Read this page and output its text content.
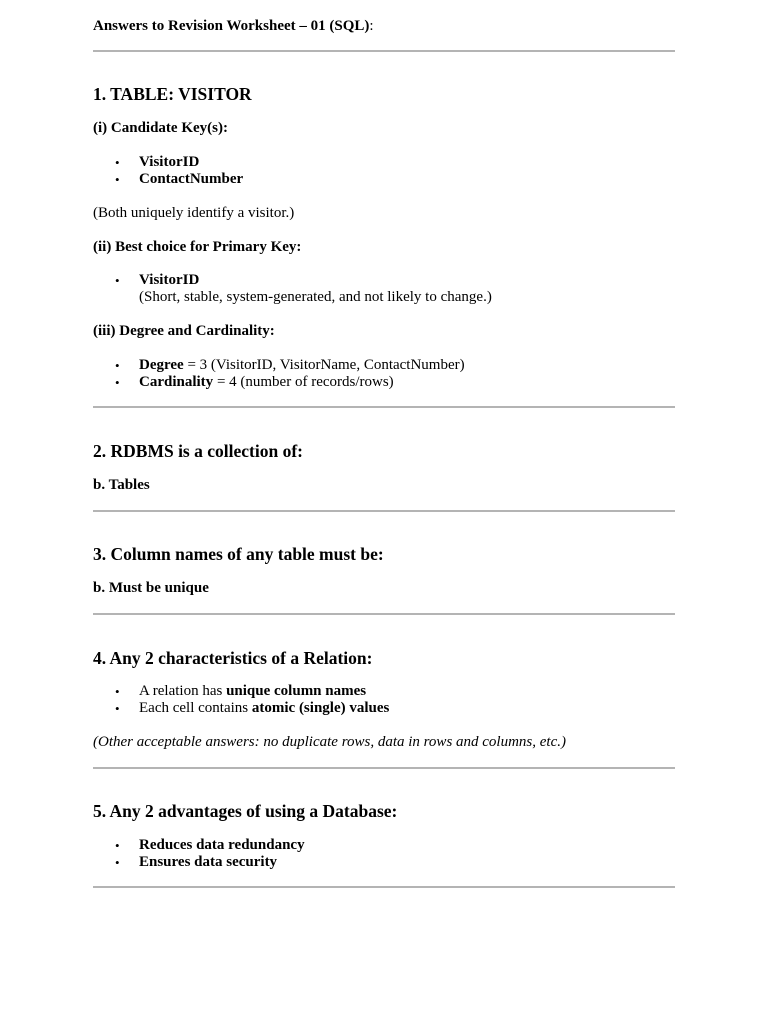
Answers to Revision Worksheet – 01 (SQL):
1. TABLE: VISITOR
(i) Candidate Key(s):
• VisitorID
• ContactNumber
(Both uniquely identify a visitor.)
(ii) Best choice for Primary Key:
• VisitorID
(Short, stable, system-generated, and not likely to change.)
(iii) Degree and Cardinality:
• Degree = 3 (VisitorID, VisitorName, ContactNumber)
• Cardinality = 4 (number of records/rows)
2. RDBMS is a collection of:
b. Tables
3. Column names of any table must be:
b. Must be unique
4. Any 2 characteristics of a Relation:
• A relation has unique column names
• Each cell contains atomic (single) values
(Other acceptable answers: no duplicate rows, data in rows and columns, etc.)
5. Any 2 advantages of using a Database:
• Reduces data redundancy
• Ensures data security
